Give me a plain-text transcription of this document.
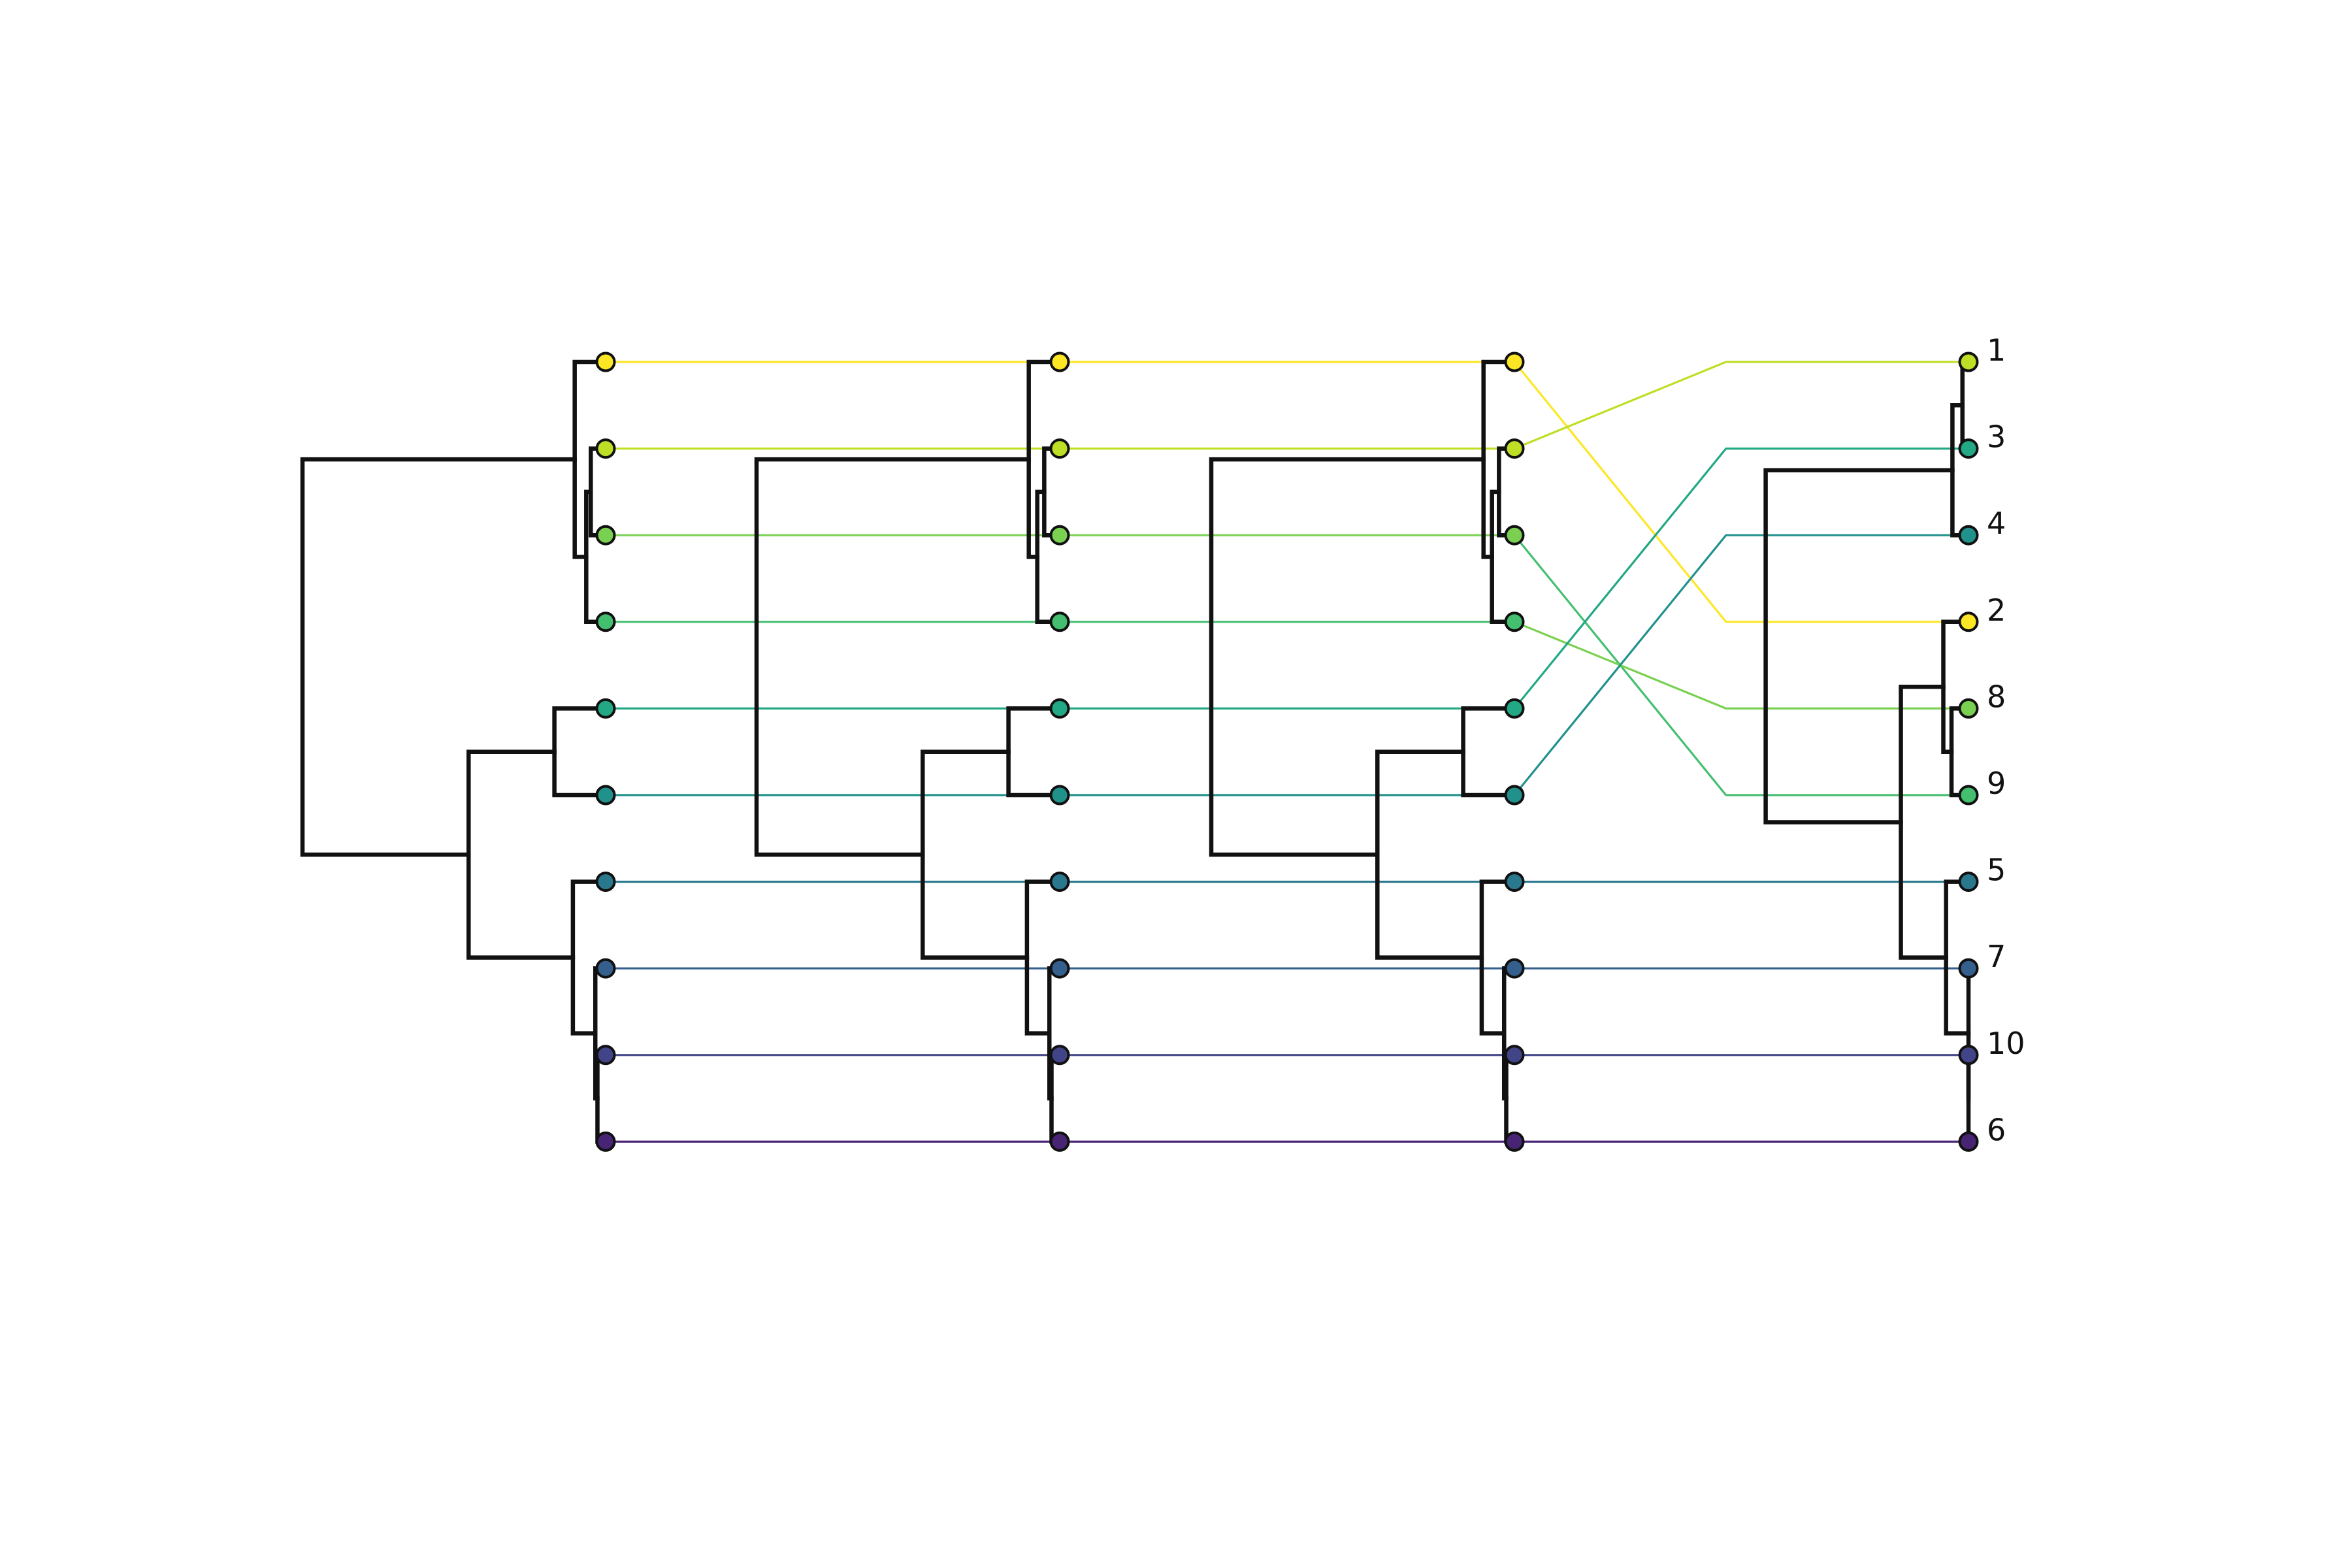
1
3
4
2
8
9
5
7
10
6
